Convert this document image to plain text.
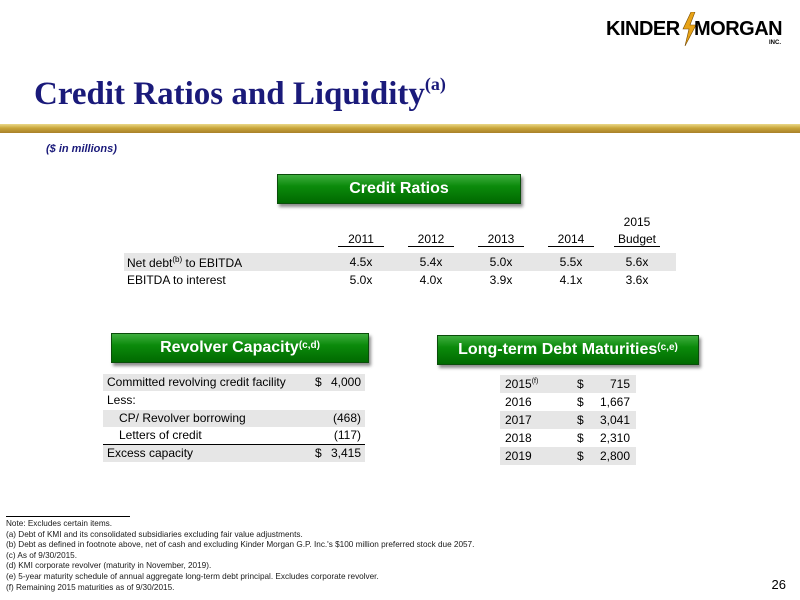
KINDER MORGAN
INC.
Credit Ratios and Liquidity$^{(a)}$
($ in millions)
Credit Ratios
2015
2011	2012	2013	2014	Budget
Net debt$^{(b)}$ to EBITDA	4.5x	5.4x	5.0x	5.5x	5.6x
EBITDA to interest	5.0x	4.0x	3.9x	4.1x	3.6x
Revolver Capacity$^{(c,d)}$
Committed revolving credit facility $ 4,000
Less:
CP/ Revolver borrowing	(468)
Letters of credit	(117)
Excess capacity	$ 3,415
Long-term Debt Maturities$^{(c,e)}$
2015$^{(f)}$	$ 715
2016	$ 1,667
2017	$ 3,041
2018	$ 2,310
2019	$ 2,800
Note: Excludes certain items.
(a) Debt of KMI and its consolidated subsidiaries excluding fair value adjustments.
(b) Debt as defined in footnote above, net of cash and excluding Kinder Morgan G.P. Inc.'s $100 million preferred stock due 2057.
(c) As of 9/30/2015.
(d) KMI corporate revolver (maturity in November, 2019).
(e) 5-year maturity schedule of annual aggregate long-term debt principal. Excludes corporate revolver.
(f) Remaining 2015 maturities as of 9/30/2015.	26
